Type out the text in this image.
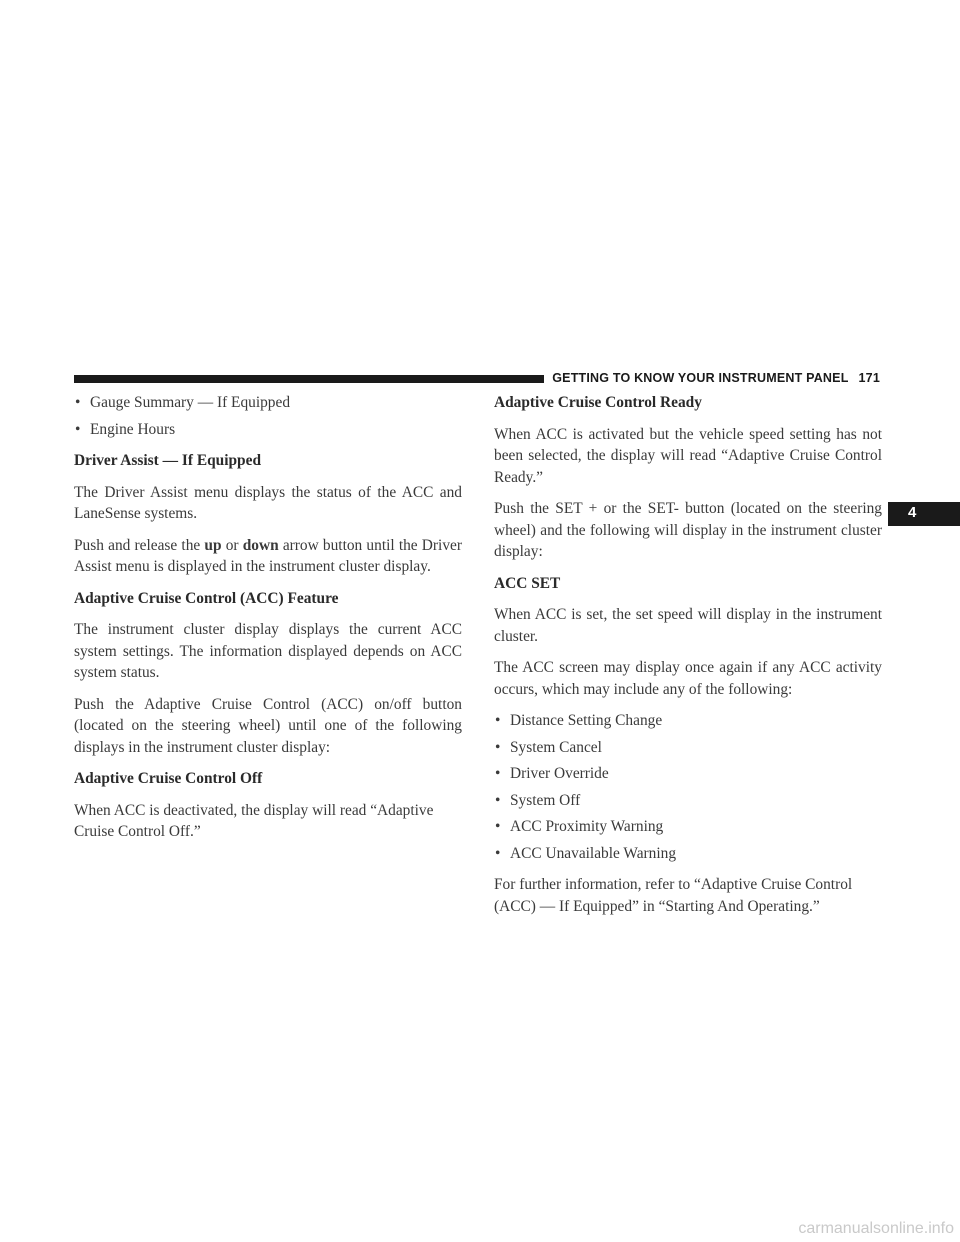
GETTING TO KNOW YOUR INSTRUMENT PANEL 171
4
• Gauge Summary — If Equipped
• Engine Hours
Driver Assist — If Equipped

The Driver Assist menu displays the status of the ACC and LaneSense systems.

Push and release the up or down arrow button until the Driver Assist menu is displayed in the instrument cluster display.

Adaptive Cruise Control (ACC) Feature

The instrument cluster display displays the current ACC system settings. The information displayed depends on ACC system status.

Push the Adaptive Cruise Control (ACC) on/off button (located on the steering wheel) until one of the following displays in the instrument cluster display:

Adaptive Cruise Control Off

When ACC is deactivated, the display will read “Adaptive Cruise Control Off.”

Adaptive Cruise Control Ready

When ACC is activated but the vehicle speed setting has not been selected, the display will read “Adaptive Cruise Control Ready.”

Push the SET + or the SET- button (located on the steering wheel) and the following will display in the instrument cluster display:

ACC SET

When ACC is set, the set speed will display in the instrument cluster.

The ACC screen may display once again if any ACC activity occurs, which may include any of the following:

• Distance Setting Change
• System Cancel
• Driver Override
• System Off
• ACC Proximity Warning
• ACC Unavailable Warning

For further information, refer to “Adaptive Cruise Control (ACC) — If Equipped” in “Starting And Operating.”

carmanualsonline.info
